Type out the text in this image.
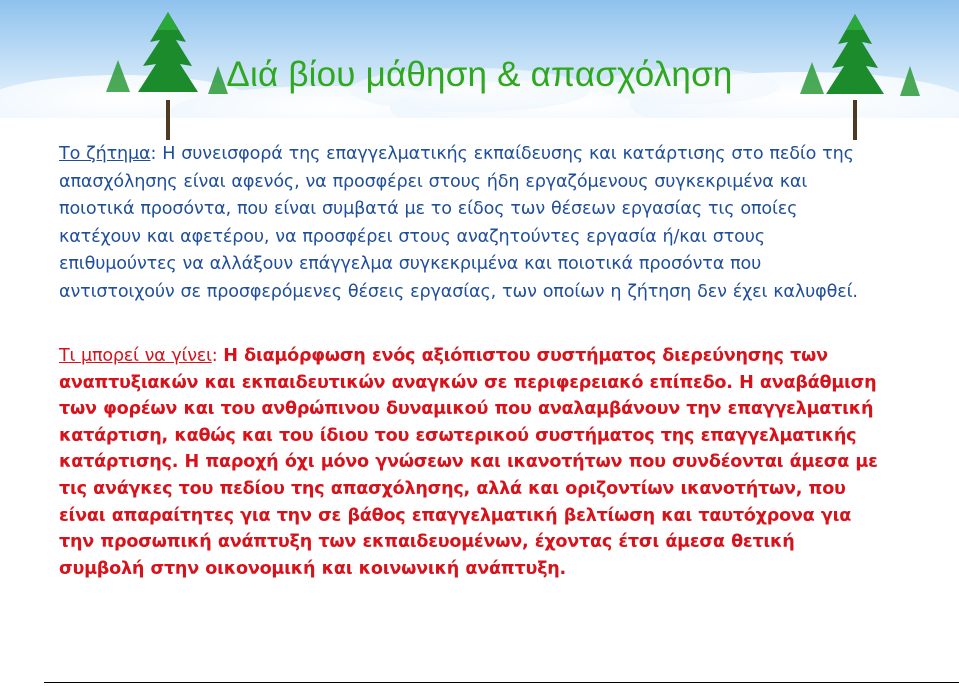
Διά βίου μάθηση & απασχόληση

Το ζήτημα: Η συνεισφορά της επαγγελματικής εκπαίδευσης και κατάρτισης στο πεδίο της απασχόλησης είναι αφενός, να προσφέρει στους ήδη εργαζόμενους συγκεκριμένα και ποιοτικά προσόντα, που είναι συμβατά με το είδος των θέσεων εργασίας τις οποίες κατέχουν και αφετέρου, να προσφέρει στους αναζητούντες εργασία ή/και στους επιθυμούντες να αλλάξουν επάγγελμα συγκεκριμένα και ποιοτικά προσόντα που αντιστοιχούν σε προσφερόμενες θέσεις εργασίας, των οποίων η ζήτηση δεν έχει καλυφθεί.

Τι μπορεί να γίνει: Η διαμόρφωση ενός αξιόπιστου συστήματος διερεύνησης των αναπτυξιακών και εκπαιδευτικών αναγκών σε περιφερειακό επίπεδο. Η αναβάθμιση των φορέων και του ανθρώπινου δυναμικού που αναλαμβάνουν την επαγγελματική κατάρτιση, καθώς και του ίδιου του εσωτερικού συστήματος της επαγγελματικής κατάρτισης. Η παροχή όχι μόνο γνώσεων και ικανοτήτων που συνδέονται άμεσα με τις ανάγκες του πεδίου της απασχόλησης, αλλά και οριζοντίων ικανοτήτων, που είναι απαραίτητες για την σε βάθος επαγγελματική βελτίωση και ταυτόχρονα για την προσωπική ανάπτυξη των εκπαιδευομένων, έχοντας έτσι άμεσα θετική συμβολή στην οικονομική και κοινωνική ανάπτυξη.
